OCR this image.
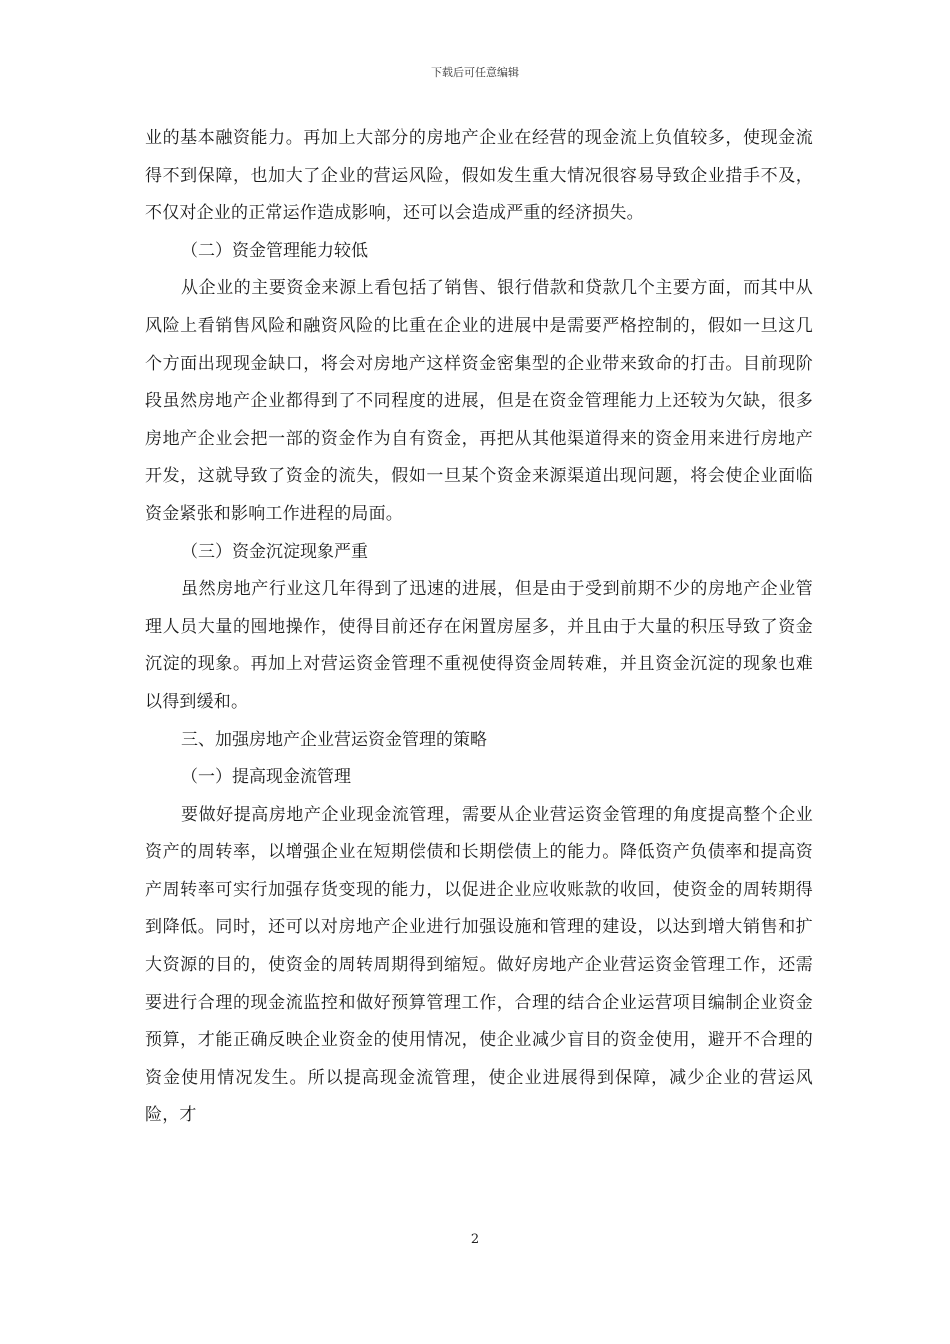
下载后可任意编辑

业的基本融资能力。再加上大部分的房地产企业在经营的现金流上负值较多，使现金流得不到保障，也加大了企业的营运风险，假如发生重大情况很容易导致企业措手不及，不仅对企业的正常运作造成影响，还可以会造成严重的经济损失。

（二）资金管理能力较低

从企业的主要资金来源上看包括了销售、银行借款和贷款几个主要方面，而其中从风险上看销售风险和融资风险的比重在企业的进展中是需要严格控制的，假如一旦这几个方面出现现金缺口，将会对房地产这样资金密集型的企业带来致命的打击。目前现阶段虽然房地产企业都得到了不同程度的进展，但是在资金管理能力上还较为欠缺，很多房地产企业会把一部的资金作为自有资金，再把从其他渠道得来的资金用来进行房地产开发，这就导致了资金的流失，假如一旦某个资金来源渠道出现问题，将会使企业面临资金紧张和影响工作进程的局面。

（三）资金沉淀现象严重

虽然房地产行业这几年得到了迅速的进展，但是由于受到前期不少的房地产企业管理人员大量的囤地操作，使得目前还存在闲置房屋多，并且由于大量的积压导致了资金沉淀的现象。再加上对营运资金管理不重视使得资金周转难，并且资金沉淀的现象也难以得到缓和。

三、加强房地产企业营运资金管理的策略

（一）提高现金流管理

要做好提高房地产企业现金流管理，需要从企业营运资金管理的角度提高整个企业资产的周转率，以增强企业在短期偿债和长期偿债上的能力。降低资产负债率和提高资产周转率可实行加强存货变现的能力，以促进企业应收账款的收回，使资金的周转期得到降低。同时，还可以对房地产企业进行加强设施和管理的建设，以达到增大销售和扩大资源的目的，使资金的周转周期得到缩短。做好房地产企业营运资金管理工作，还需要进行合理的现金流监控和做好预算管理工作，合理的结合企业运营项目编制企业资金预算，才能正确反映企业资金的使用情况，使企业减少盲目的资金使用，避开不合理的资金使用情况发生。所以提高现金流管理，使企业进展得到保障，减少企业的营运风险，才

2
